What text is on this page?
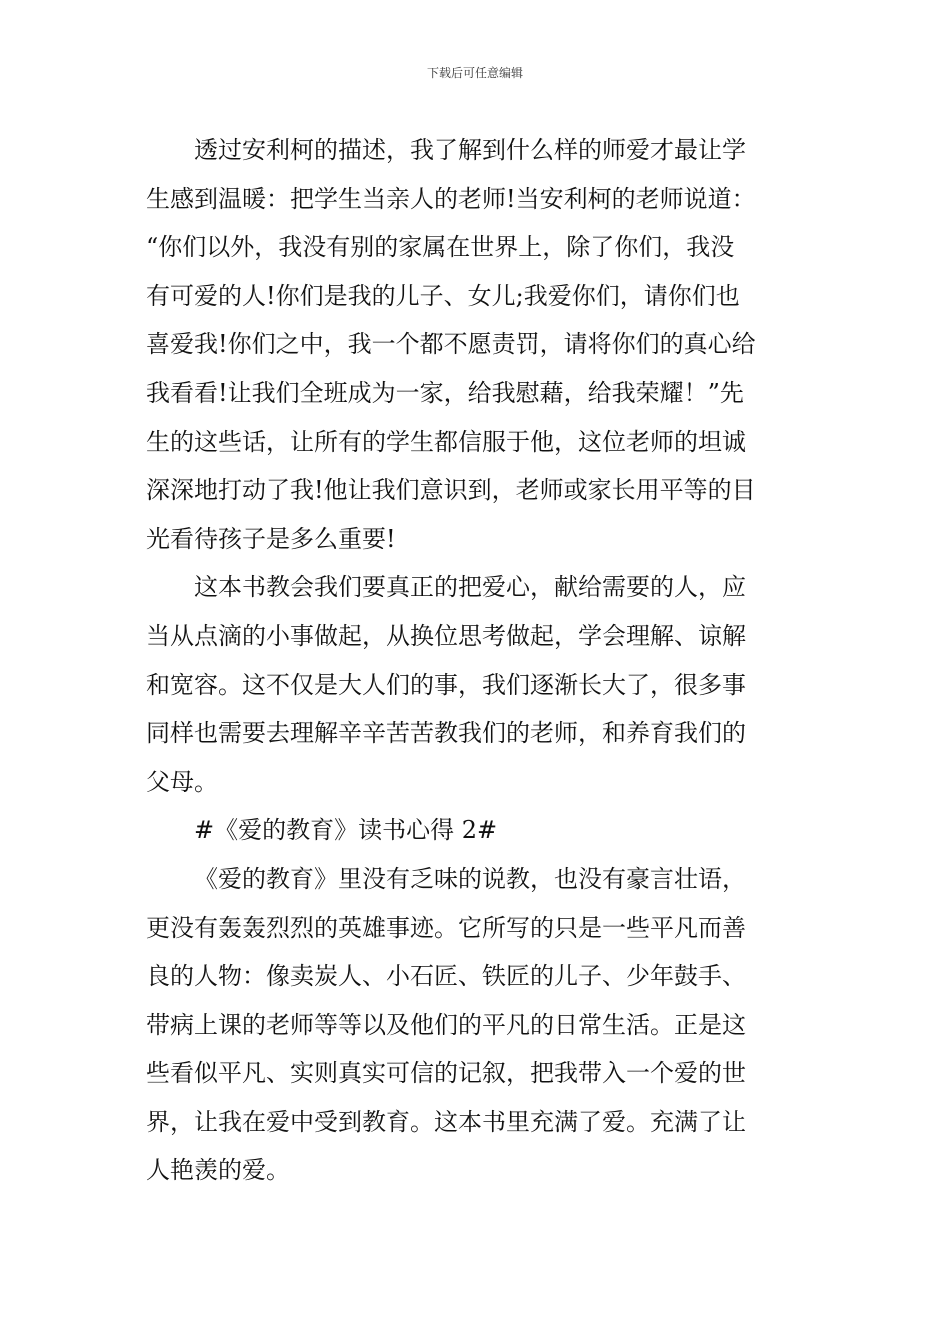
下载后可任意编辑
透过安利柯的描述，我了解到什么样的师爱才最让学
生感到温暖：把学生当亲人的老师!当安利柯的老师说道：
“你们以外，我没有别的家属在世界上，除了你们，我没
有可爱的人!你们是我的儿子、女儿;我爱你们，请你们也
喜爱我!你们之中，我一个都不愿责罚，请将你们的真心给
我看看!让我们全班成为一家，给我慰藉，给我荣耀！”先
生的这些话，让所有的学生都信服于他，这位老师的坦诚
深深地打动了我!他让我们意识到，老师或家长用平等的目
光看待孩子是多么重要!
这本书教会我们要真正的把爱心，献给需要的人，应
当从点滴的小事做起，从换位思考做起，学会理解、谅解
和宽容。这不仅是大人们的事，我们逐渐长大了，很多事
同样也需要去理解辛辛苦苦教我们的老师，和养育我们的
父母。
#《爱的教育》读书心得 2#
《爱的教育》里没有乏味的说教，也没有豪言壮语，
更没有轰轰烈烈的英雄事迹。它所写的只是一些平凡而善
良的人物：像卖炭人、小石匠、铁匠的儿子、少年鼓手、
带病上课的老师等等以及他们的平凡的日常生活。正是这
些看似平凡、实则真实可信的记叙，把我带入一个爱的世
界，让我在爱中受到教育。这本书里充满了爱。充满了让
人艳羡的爱。
